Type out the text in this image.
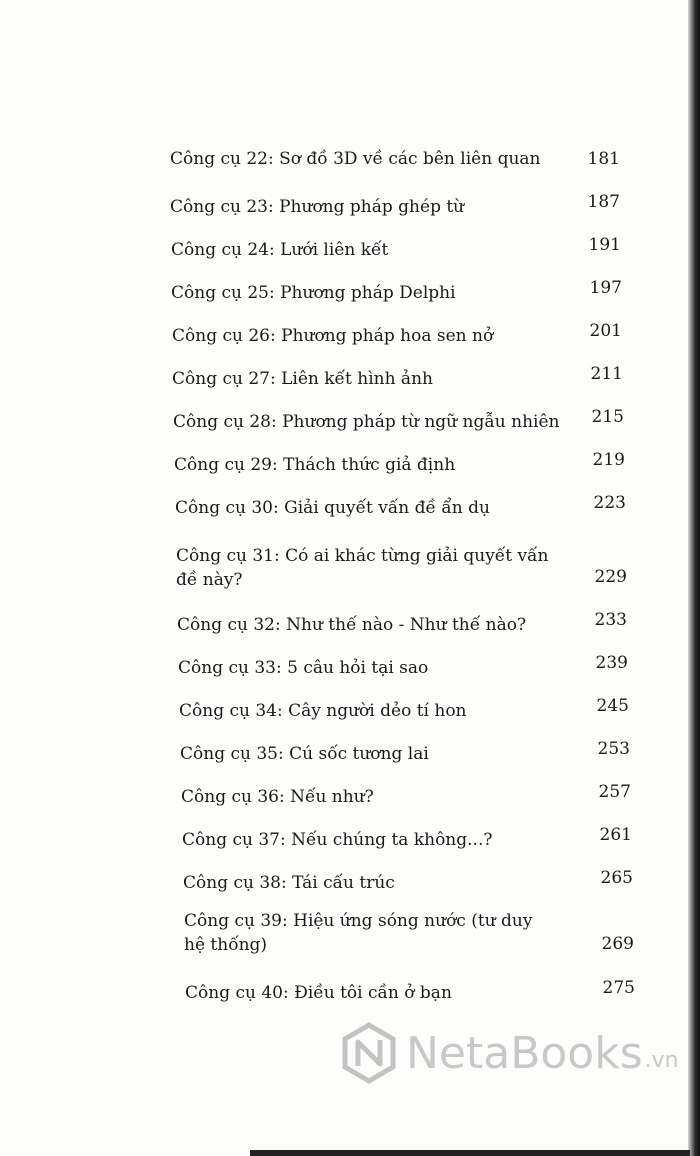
Công cụ 22: Sơ đồ 3D về các bên liên quan	181
Công cụ 23: Phương pháp ghép từ	187
Công cụ 24: Lưới liên kết	191
Công cụ 25: Phương pháp Delphi	197
Công cụ 26: Phương pháp hoa sen nở	201
Công cụ 27: Liên kết hình ảnh	211
Công cụ 28: Phương pháp từ ngữ ngẫu nhiên	215
Công cụ 29: Thách thức giả định	219
Công cụ 30: Giải quyết vấn đề ẩn dụ	223
Công cụ 31: Có ai khác từng giải quyết vấn
đề này?	229
Công cụ 32: Như thế nào - Như thế nào?	233
Công cụ 33: 5 câu hỏi tại sao	239
Công cụ 34: Cây người dẻo tí hon	245
Công cụ 35: Cú sốc tương lai	253
Công cụ 36: Nếu như?	257
Công cụ 37: Nếu chúng ta không...?	261
Công cụ 38: Tái cấu trúc	265
Công cụ 39: Hiệu ứng sóng nước (tư duy
hệ thống)	269
Công cụ 40: Điều tôi cần ở bạn	275
NetaBooks .vn
